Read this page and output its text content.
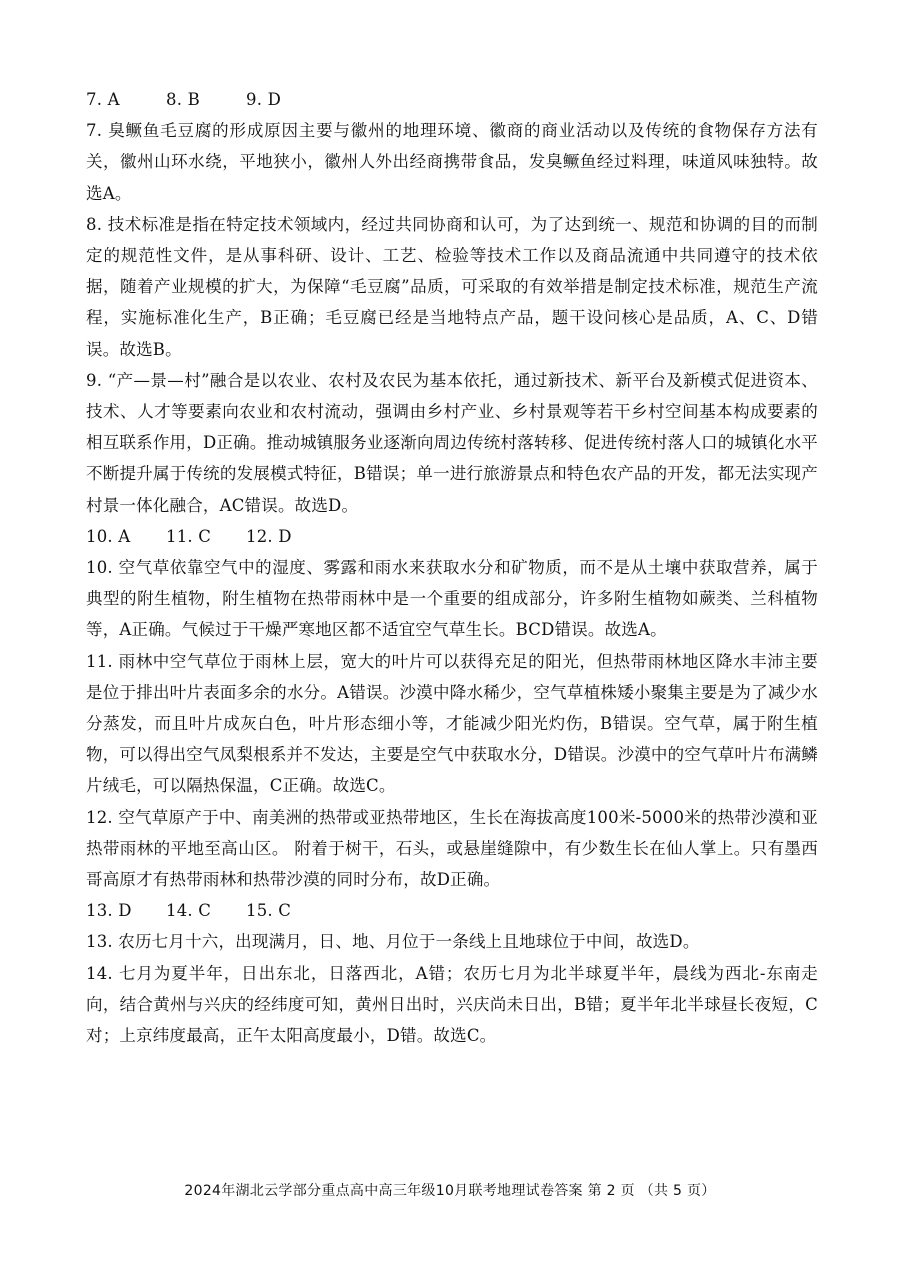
7. A	8. B	9. D

7. 臭鳜鱼毛豆腐的形成原因主要与徽州的地理环境、徽商的商业活动以及传统的食物保存方法有关，徽州山环水绕，平地狭小，徽州人外出经商携带食品，发臭鳜鱼经过料理，味道风味独特。故选A。

8. 技术标准是指在特定技术领域内，经过共同协商和认可，为了达到统一、规范和协调的目的而制定的规范性文件，是从事科研、设计、工艺、检验等技术工作以及商品流通中共同遵守的技术依据，随着产业规模的扩大，为保障“毛豆腐”品质，可采取的有效举措是制定技术标准，规范生产流程，实施标准化生产，B正确；毛豆腐已经是当地特点产品，题干设问核心是品质，A、C、D错误。故选B。

9. “产—景—村”融合是以农业、农村及农民为基本依托，通过新技术、新平台及新模式促进资本、技术、人才等要素向农业和农村流动，强调由乡村产业、乡村景观等若干乡村空间基本构成要素的相互联系作用，D正确。推动城镇服务业逐渐向周边传统村落转移、促进传统村落人口的城镇化水平不断提升属于传统的发展模式特征，B错误；单一进行旅游景点和特色农产品的开发，都无法实现产村景一体化融合，AC错误。故选D。

10. A	11. C	12. D

10. 空气草依靠空气中的湿度、雾露和雨水来获取水分和矿物质，而不是从土壤中获取营养，属于典型的附生植物，附生植物在热带雨林中是一个重要的组成部分，许多附生植物如蕨类、兰科植物等，A正确。气候过于干燥严寒地区都不适宜空气草生长。BCD错误。故选A。

11. 雨林中空气草位于雨林上层，宽大的叶片可以获得充足的阳光，但热带雨林地区降水丰沛主要是位于排出叶片表面多余的水分。A错误。沙漠中降水稀少，空气草植株矮小聚集主要是为了减少水分蒸发，而且叶片成灰白色，叶片形态细小等，才能减少阳光灼伤，B错误。空气草，属于附生植物，可以得出空气凤梨根系并不发达，主要是空气中获取水分，D错误。沙漠中的空气草叶片布满鳞片绒毛，可以隔热保温，C正确。故选C。

12. 空气草原产于中、南美洲的热带或亚热带地区，生长在海拔高度100米-5000米的热带沙漠和亚热带雨林的平地至高山区。 附着于树干，石头，或悬崖缝隙中，有少数生长在仙人掌上。只有墨西哥高原才有热带雨林和热带沙漠的同时分布，故D正确。

13. D	14. C	15. C

13. 农历七月十六，出现满月，日、地、月位于一条线上且地球位于中间，故选D。

14. 七月为夏半年，日出东北，日落西北，A错；农历七月为北半球夏半年，晨线为西北-东南走向，结合黄州与兴庆的经纬度可知，黄州日出时，兴庆尚未日出，B错；夏半年北半球昼长夜短，C对；上京纬度最高，正午太阳高度最小，D错。故选C。

2024年湖北云学部分重点高中高三年级10月联考地理试卷答案 第 2 页 （共 5 页）
